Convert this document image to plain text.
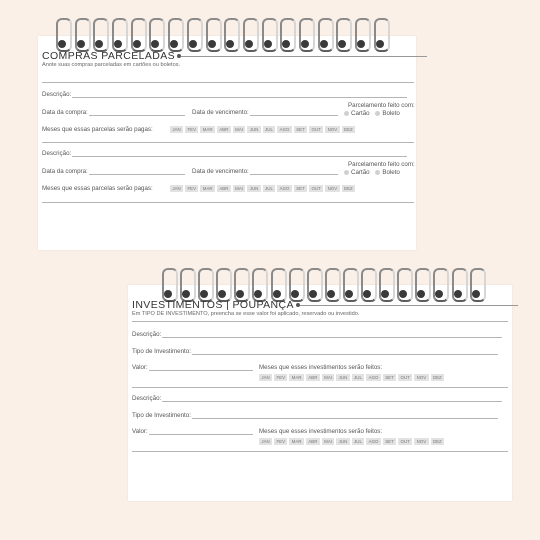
COMPRAS PARCELADAS
Anote suas compras parceladas em cartões ou boletos.
Descrição:
Data da compra:	Data de vencimento:
Parcelamento feito com:
Cartão Boleto
Meses que essas parcelas serão pagas:	JAN	FEV	MAR	ABR	MAI	JUN	JUL	AGO	SET	OUT	NOV	DEZ
Descrição:
Data da compra:	Data de vencimento:
Parcelamento feito com:
Cartão Boleto
Meses que essas parcelas serão pagas:	JAN	FEV	MAR	ABR	MAI	JUN	JUL	AGO	SET	OUT	NOV	DEZ
INVESTIMENTOS | POUPANÇA
Em TIPO DE INVESTIMENTO, preencha se esse valor foi aplicado, reservado ou investido.
Descrição:
Tipo de Investimento:
Valor:	Meses que esses investimentos serão feitos:
JAN	FEV	MAR	ABR	MAI	JUN	JUL	AGO	SET	OUT	NOV	DEZ
Descrição:
Tipo de Investimento:
Valor:	Meses que esses investimentos serão feitos:
JAN	FEV	MAR	ABR	MAI	JUN	JUL	AGO	SET	OUT	NOV	DEZ
